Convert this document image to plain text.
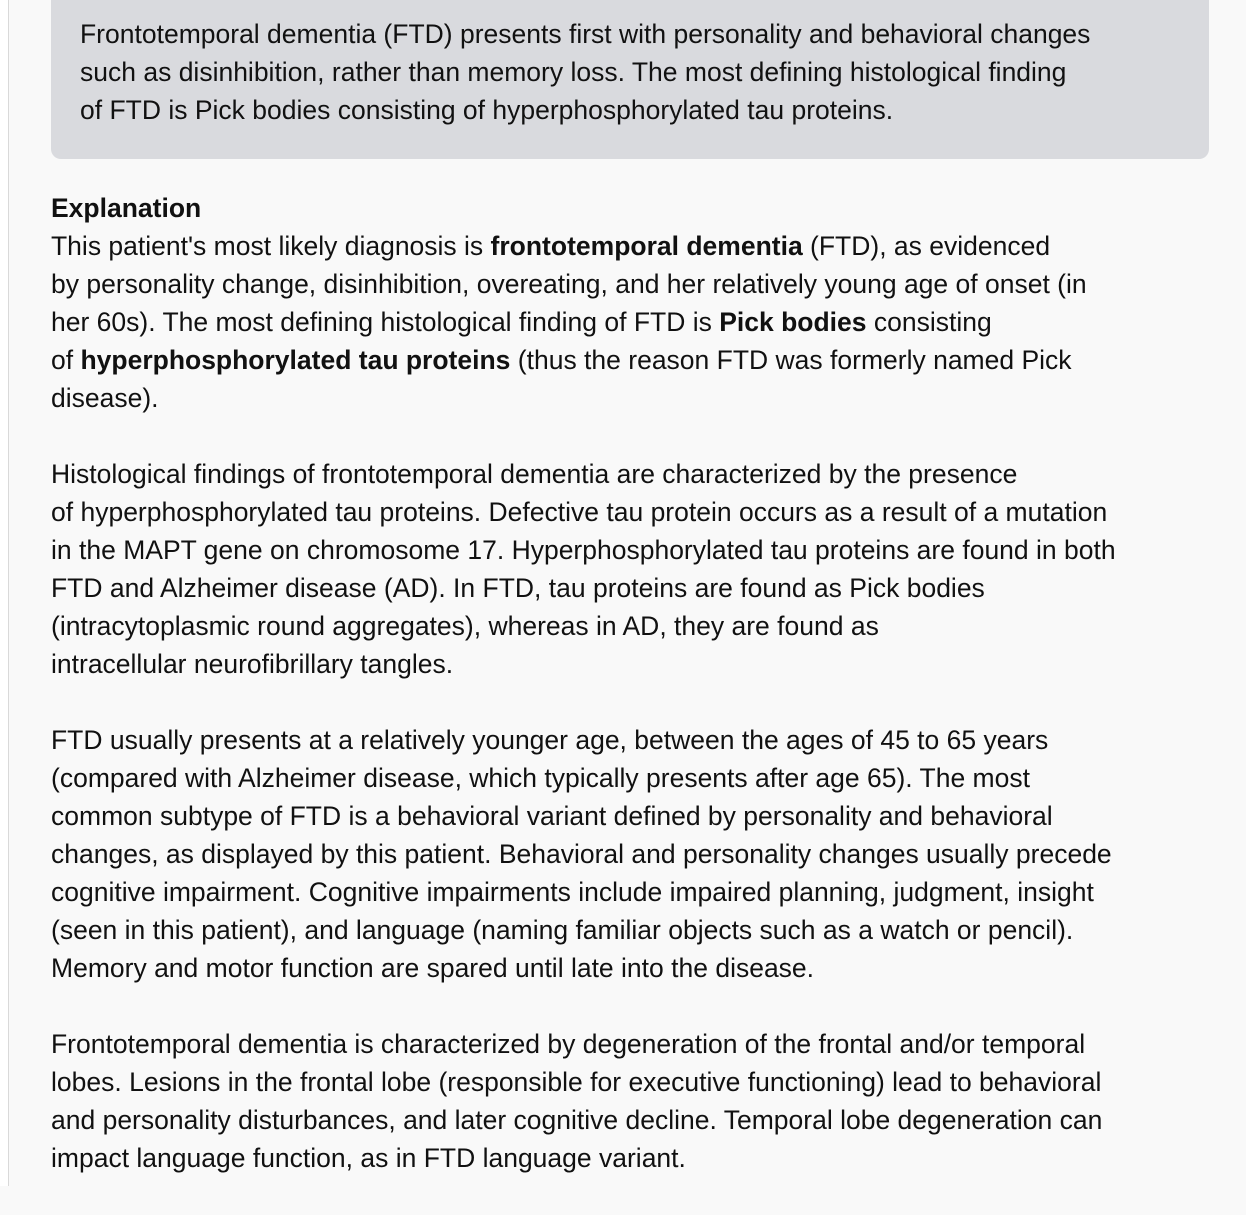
Frontotemporal dementia (FTD) presents first with personality and behavioral changes
such as disinhibition, rather than memory loss. The most defining histological finding
of FTD is Pick bodies consisting of hyperphosphorylated tau proteins.
Explanation
This patient's most likely diagnosis is frontotemporal dementia (FTD), as evidenced
by personality change, disinhibition, overeating, and her relatively young age of onset (in
her 60s). The most defining histological finding of FTD is Pick bodies consisting
of hyperphosphorylated tau proteins (thus the reason FTD was formerly named Pick
disease).
Histological findings of frontotemporal dementia are characterized by the presence
of hyperphosphorylated tau proteins. Defective tau protein occurs as a result of a mutation
in the MAPT gene on chromosome 17. Hyperphosphorylated tau proteins are found in both
FTD and Alzheimer disease (AD). In FTD, tau proteins are found as Pick bodies
(intracytoplasmic round aggregates), whereas in AD, they are found as
intracellular neurofibrillary tangles.
FTD usually presents at a relatively younger age, between the ages of 45 to 65 years
(compared with Alzheimer disease, which typically presents after age 65). The most
common subtype of FTD is a behavioral variant defined by personality and behavioral
changes, as displayed by this patient. Behavioral and personality changes usually precede
cognitive impairment. Cognitive impairments include impaired planning, judgment, insight
(seen in this patient), and language (naming familiar objects such as a watch or pencil).
Memory and motor function are spared until late into the disease.
Frontotemporal dementia is characterized by degeneration of the frontal and/or temporal
lobes. Lesions in the frontal lobe (responsible for executive functioning) lead to behavioral
and personality disturbances, and later cognitive decline. Temporal lobe degeneration can
impact language function, as in FTD language variant.
